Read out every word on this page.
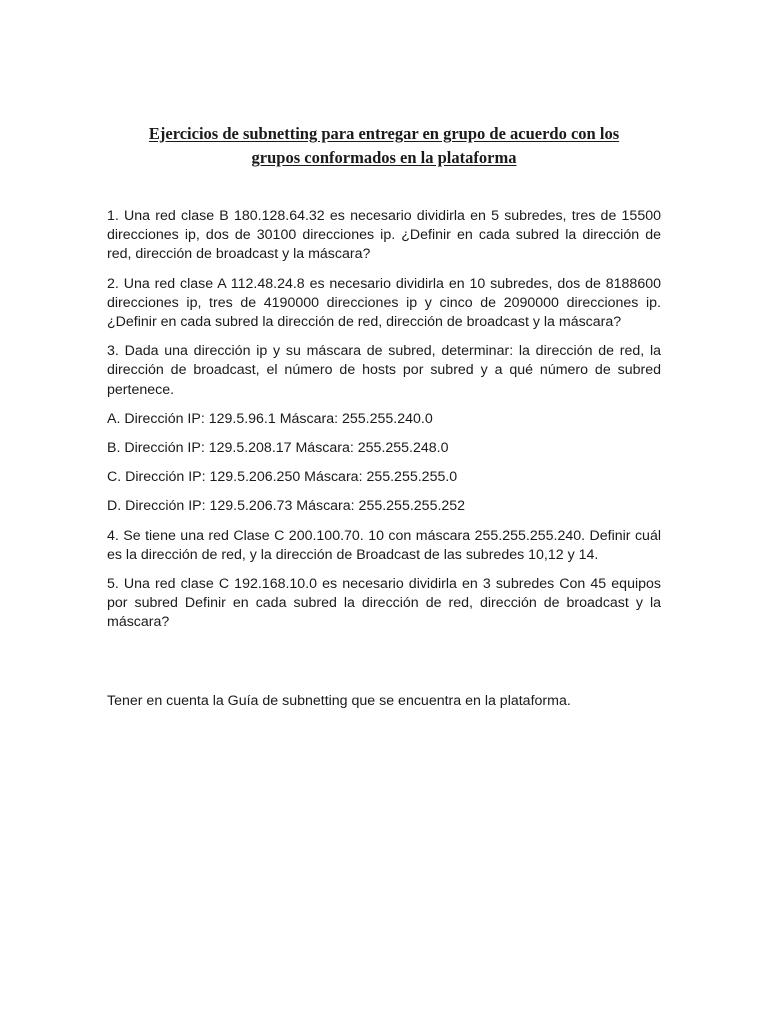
Ejercicios de subnetting para entregar en grupo de acuerdo con los
grupos conformados en la plataforma

1. Una red clase B 180.128.64.32 es necesario dividirla en 5 subredes, tres de 15500 direcciones ip, dos de 30100 direcciones ip. ¿Definir en cada subred la dirección de red, dirección de broadcast y la máscara?

2. Una red clase A 112.48.24.8 es necesario dividirla en 10 subredes, dos de 8188600 direcciones ip, tres de 4190000 direcciones ip y cinco de 2090000 direcciones ip. ¿Definir en cada subred la dirección de red, dirección de broadcast y la máscara?

3. Dada una dirección ip y su máscara de subred, determinar: la dirección de red, la dirección de broadcast, el número de hosts por subred y a qué número de subred pertenece.

A. Dirección IP: 129.5.96.1 Máscara: 255.255.240.0

B. Dirección IP: 129.5.208.17 Máscara: 255.255.248.0

C. Dirección IP: 129.5.206.250 Máscara: 255.255.255.0

D. Dirección IP: 129.5.206.73 Máscara: 255.255.255.252

4. Se tiene una red Clase C 200.100.70. 10 con máscara 255.255.255.240. Definir cuál es la dirección de red, y la dirección de Broadcast de las subredes 10,12 y 14.

5. Una red clase C 192.168.10.0 es necesario dividirla en 3 subredes Con 45 equipos por subred Definir en cada subred la dirección de red, dirección de broadcast y la máscara?

Tener en cuenta la Guía de subnetting que se encuentra en la plataforma.
